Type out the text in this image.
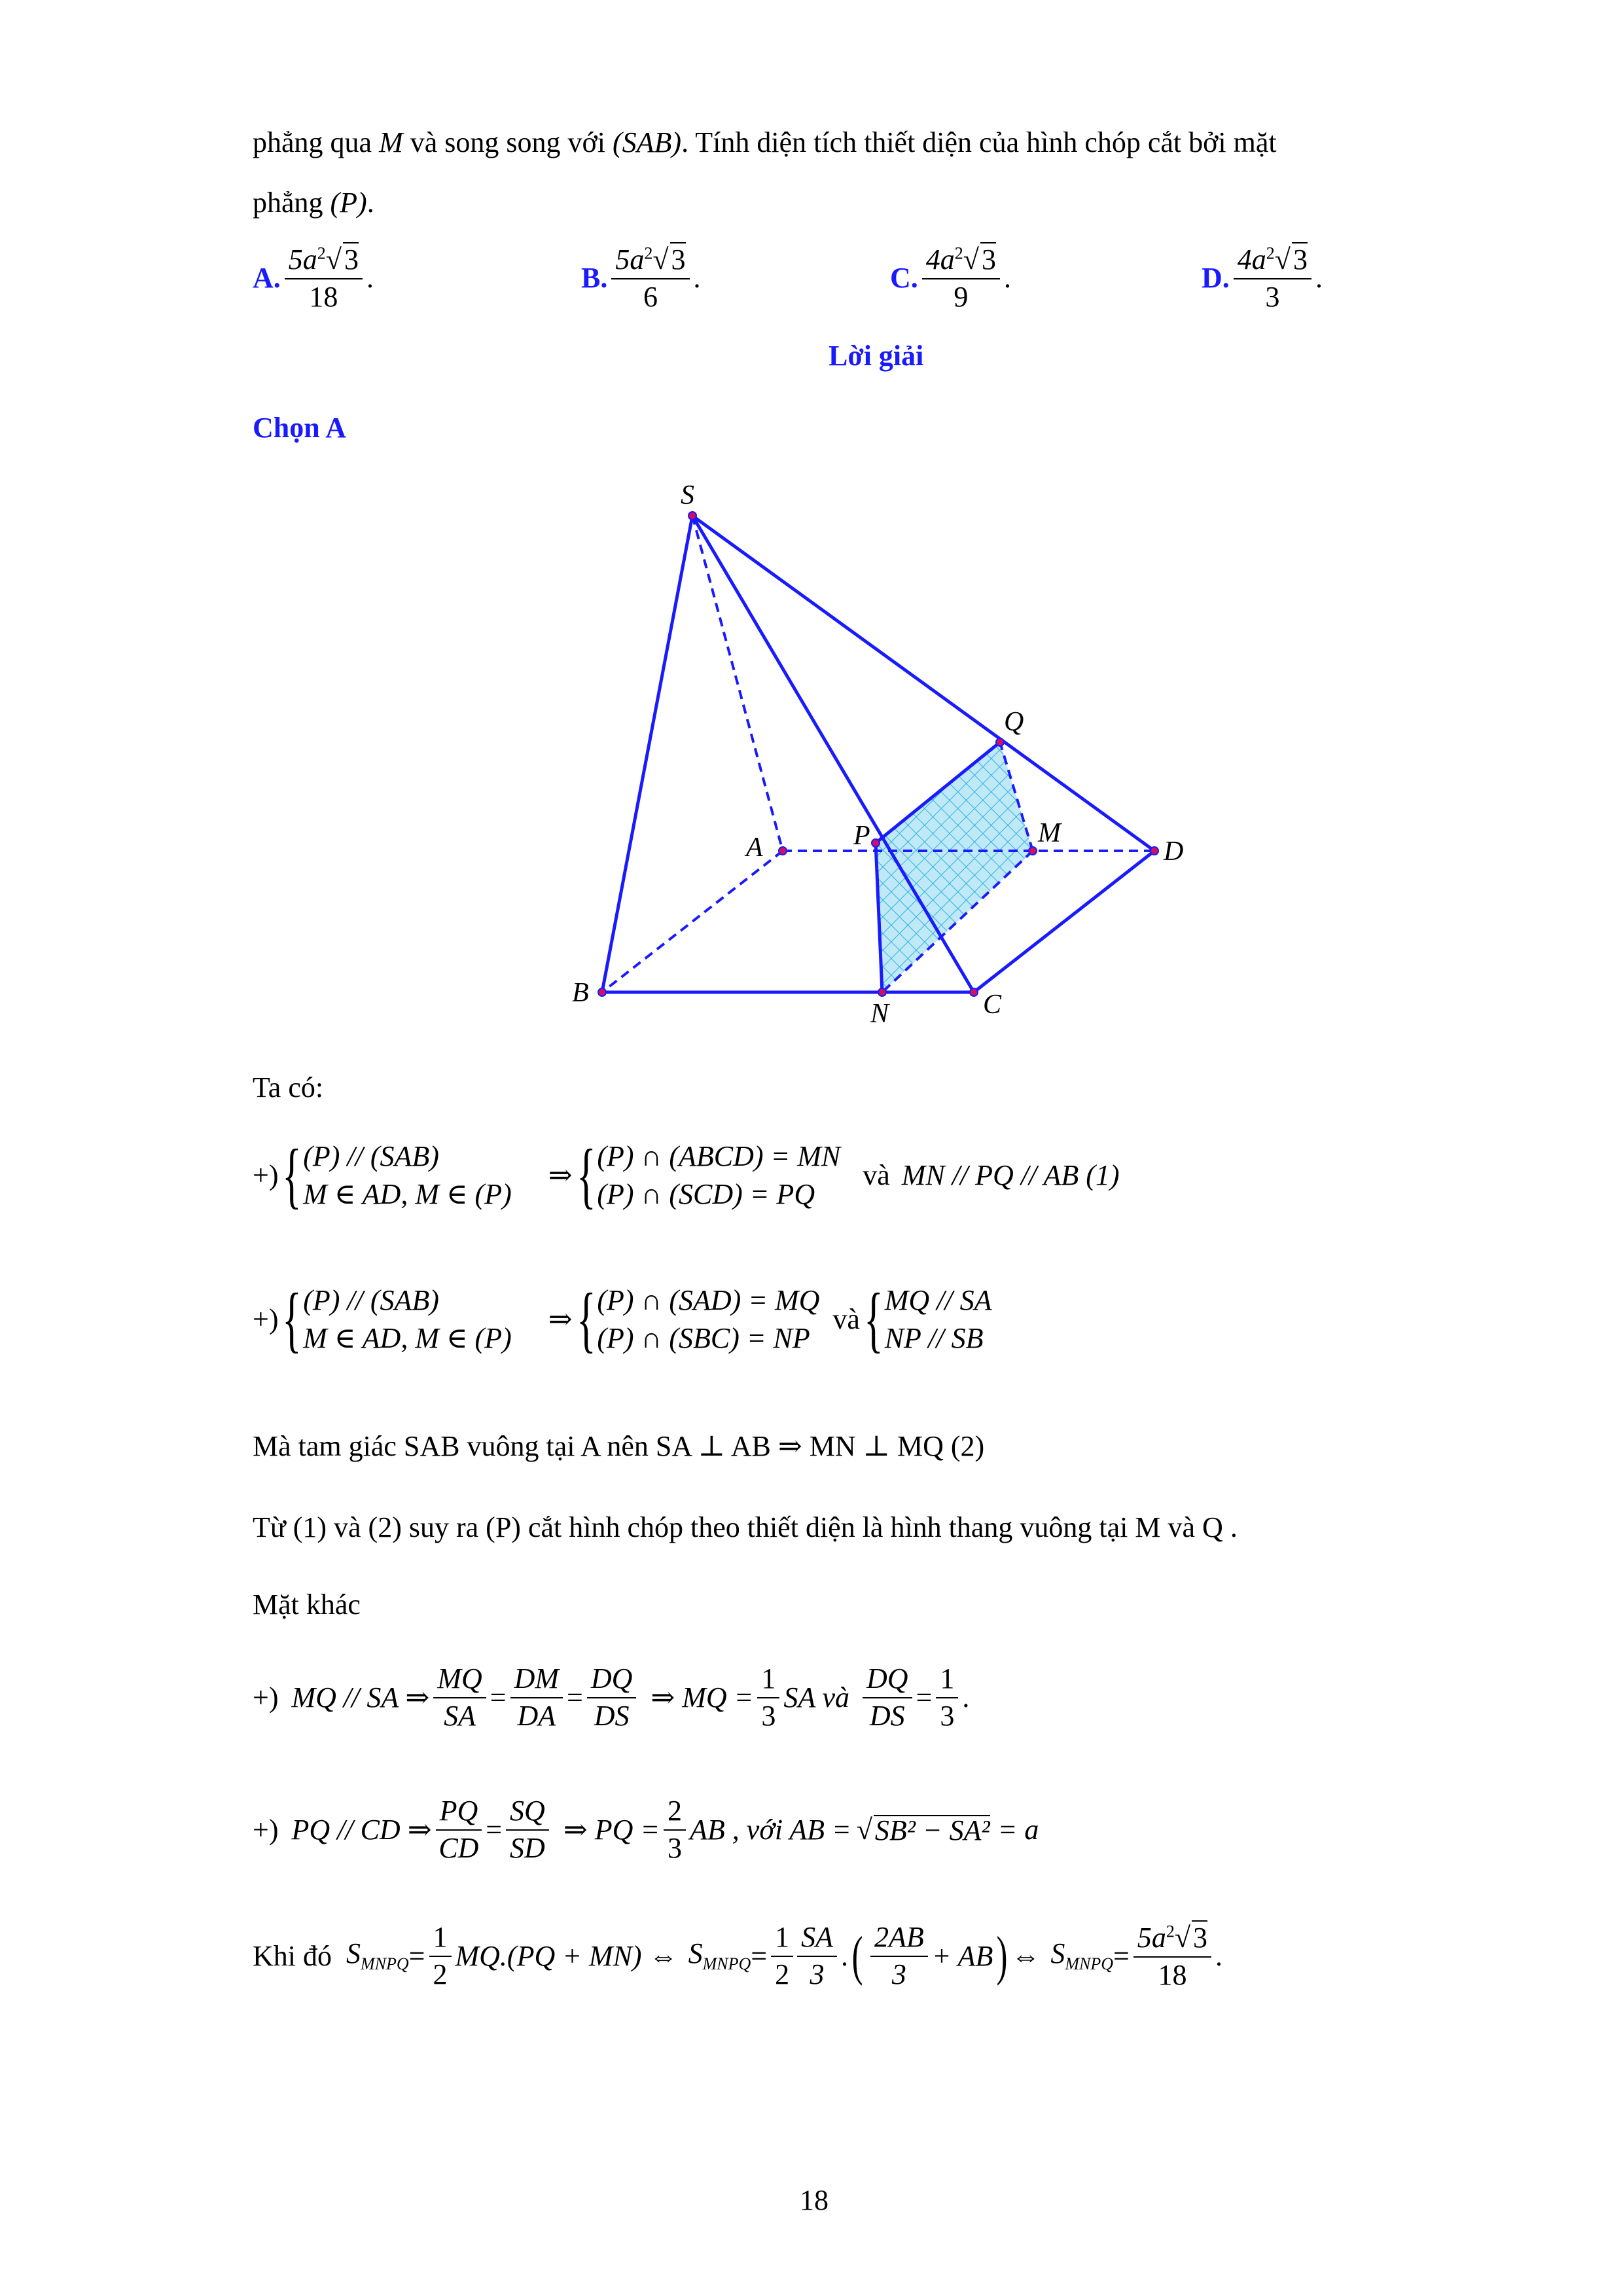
phẳng qua M và song song với (SAB). Tính diện tích thiết diện của hình chóp cắt bởi mặt
phẳng (P).
A. $\frac{5a^2√3}{18}$ .	B. $\frac{5a^2√3}{6}$ .	C. $\frac{4a^2√3}{9}$ .	D. $\frac{4a^2√3}{3}$ .
Lời giải
Chọn A
S
Q
A	P	M
D
B
N	C
Ta có:
+) { (P) // (SAB)
M ∈ AD, M ∈ (P)
⇒ { (P) ∩ (ABCD) = MN
(P) ∩ (SCD) = PQ
và MN // PQ // AB (1)
+) { (P) // (SAB)
M ∈ AD, M ∈ (P)
⇒ { (P) ∩ (SAD) = MQ
(P) ∩ (SBC) = NP
và { MQ // SA
NP // SB
Mà tam giác SAB vuông tại A nên SA ⊥ AB ⇒ MN ⊥ MQ (2)
Từ (1) và (2) suy ra (P) cắt hình chóp theo thiết diện là hình thang vuông tại M và Q .
Mặt khác
+) MQ // SA ⇒ $\frac{MQ}{SA} = \frac{DM}{DA} = \frac{DQ}{DS}$ ⇒ MQ = $\frac{1}{3}$ SA và $\frac{DQ}{DS} = \frac{1}{3}$ .
+) PQ // CD ⇒ $\frac{PQ}{CD} = \frac{SQ}{SD}$ ⇒ PQ = $\frac{2}{3}$ AB , với AB = √ SB² − SA² = a
Khi đó $S_{MNPQ} = \frac{1}{2} MQ.(PQ + MN)$ ⇔ $S_{MNPQ} = \frac{1}{2} \frac{SA}{3}$ . ( $\frac{2AB}{3}$ + AB ) ⇔ $S_{MNPQ} = \frac{5a^2√3}{18}$ .
18
